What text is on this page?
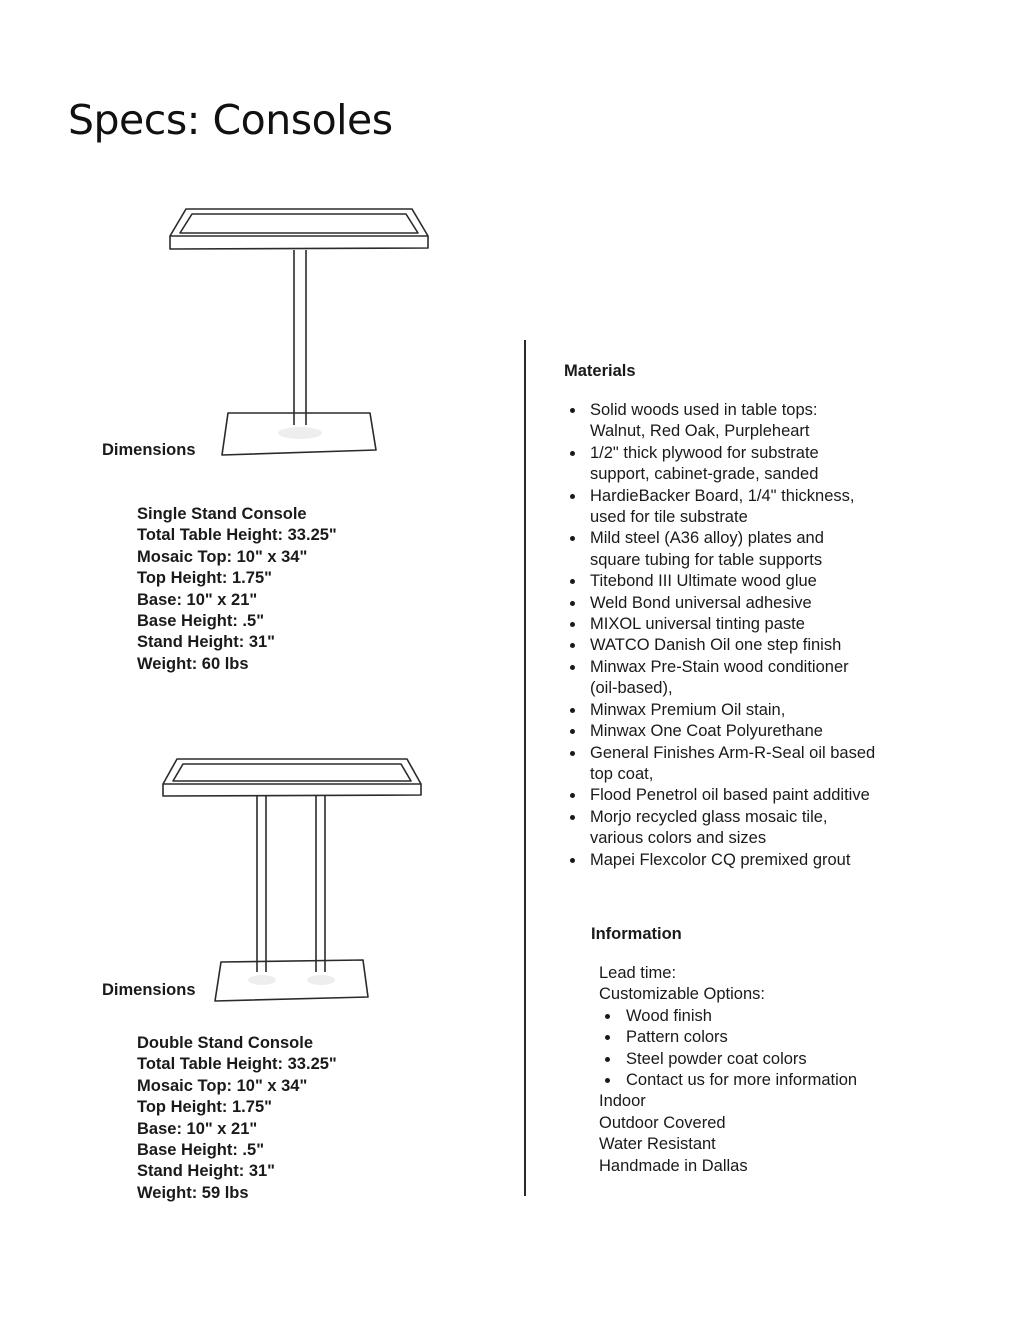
Specs: Consoles
Dimensions
Single Stand Console
Total Table Height: 33.25"
Mosaic Top: 10" x 34"
Top Height: 1.75"
Base: 10" x 21"
Base Height: .5"
Stand Height: 31"
Weight: 60 lbs
Dimensions
Double Stand Console
Total Table Height: 33.25"
Mosaic Top: 10" x 34"
Top Height: 1.75"
Base: 10" x 21"
Base Height: .5"
Stand Height: 31"
Weight: 59 lbs
Materials
Solid woods used in table tops:
Walnut, Red Oak, Purpleheart
1/2" thick plywood for substrate
support, cabinet-grade, sanded
HardieBacker Board, 1/4" thickness,
used for tile substrate
Mild steel (A36 alloy) plates and
square tubing for table supports
Titebond III Ultimate wood glue
Weld Bond universal adhesive
MIXOL universal tinting paste
WATCO Danish Oil one step finish
Minwax Pre-Stain wood conditioner
(oil-based),
Minwax Premium Oil stain,
Minwax One Coat Polyurethane
General Finishes Arm-R-Seal oil based
top coat,
Flood Penetrol oil based paint additive
Morjo recycled glass mosaic tile,
various colors and sizes
Mapei Flexcolor CQ premixed grout
Information
Lead time:
Customizable Options:
Wood finish
Pattern colors
Steel powder coat colors
Contact us for more information
Indoor
Outdoor Covered
Water Resistant
Handmade in Dallas
